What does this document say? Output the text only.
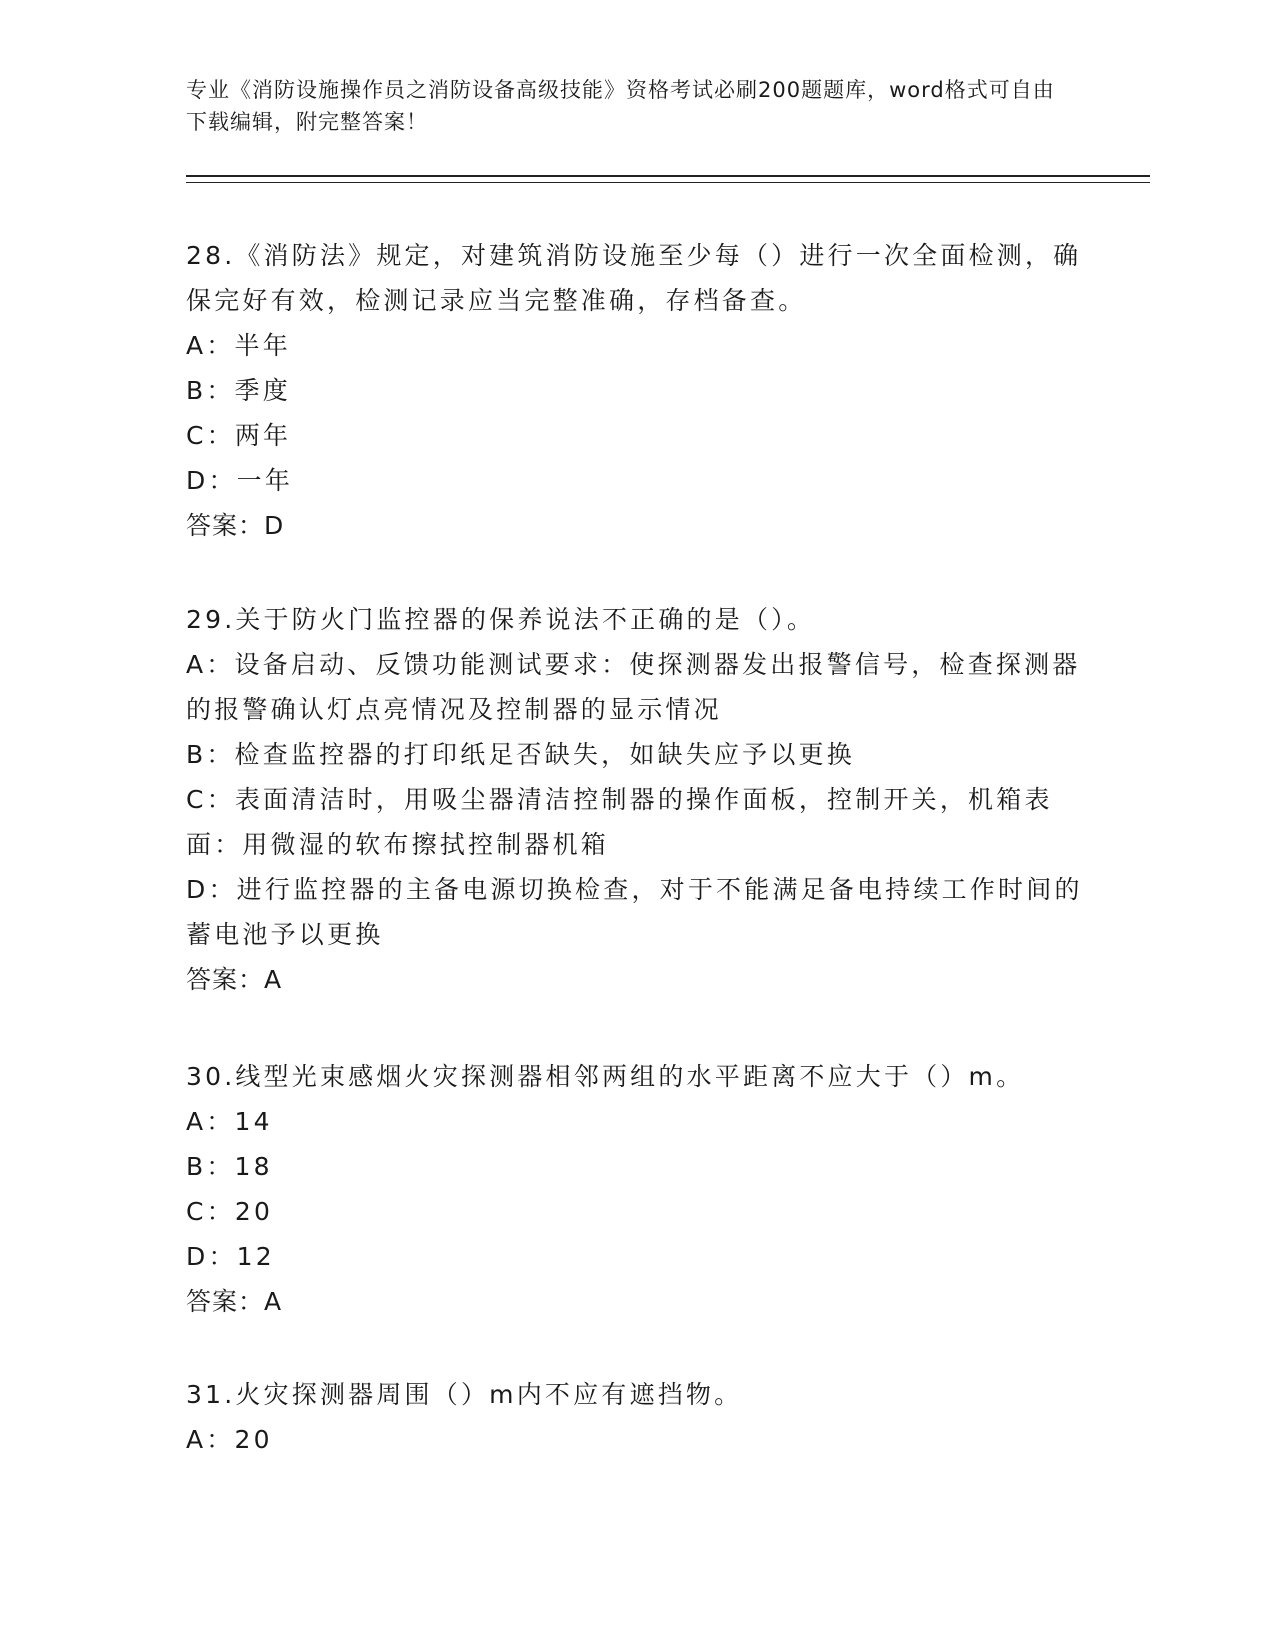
专业《消防设施操作员之消防设备高级技能》资格考试必刷200题题库，word格式可自由下载编辑，附完整答案！
28.《消防法》规定，对建筑消防设施至少每（）进行一次全面检测，确保完好有效，检测记录应当完整准确，存档备查。
A：半年
B：季度
C：两年
D：一年
答案：D
29.关于防火门监控器的保养说法不正确的是（）。
A：设备启动、反馈功能测试要求：使探测器发出报警信号，检查探测器的报警确认灯点亮情况及控制器的显示情况
B：检查监控器的打印纸足否缺失，如缺失应予以更换
C：表面清洁时，用吸尘器清洁控制器的操作面板，控制开关，机箱表面：用微湿的软布擦拭控制器机箱
D：进行监控器的主备电源切换检查，对于不能满足备电持续工作时间的蓄电池予以更换
答案：A
30.线型光束感烟火灾探测器相邻两组的水平距离不应大于（）m。
A：14
B：18
C：20
D：12
答案：A
31.火灾探测器周围（）m内不应有遮挡物。
A：20
